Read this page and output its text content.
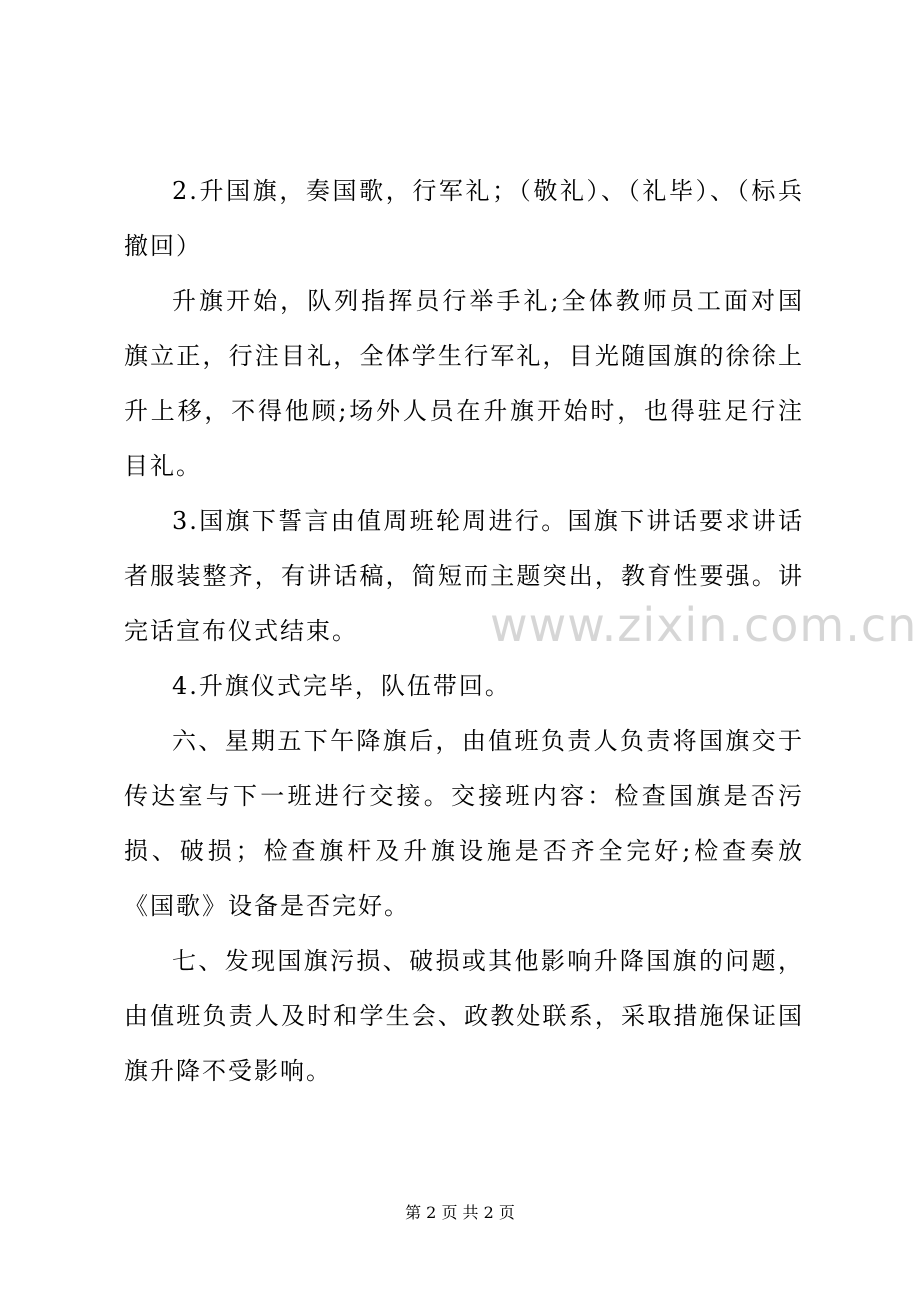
2.升国旗，奏国歌，行军礼；（敬礼）、（礼毕）、（标兵撤回）

升旗开始，队列指挥员行举手礼;全体教师员工面对国旗立正，行注目礼，全体学生行军礼，目光随国旗的徐徐上升上移，不得他顾;场外人员在升旗开始时，也得驻足行注目礼。

3.国旗下誓言由值周班轮周进行。国旗下讲话要求讲话者服装整齐，有讲话稿，简短而主题突出，教育性要强。讲完话宣布仪式结束。

4.升旗仪式完毕，队伍带回。

六、星期五下午降旗后，由值班负责人负责将国旗交于传达室与下一班进行交接。交接班内容：检查国旗是否污损、破损；检查旗杆及升旗设施是否齐全完好;检查奏放《国歌》设备是否完好。

七、发现国旗污损、破损或其他影响升降国旗的问题，由值班负责人及时和学生会、政教处联系，采取措施保证国旗升降不受影响。

www.zixin.com.cn
第 2 页 共 2 页
